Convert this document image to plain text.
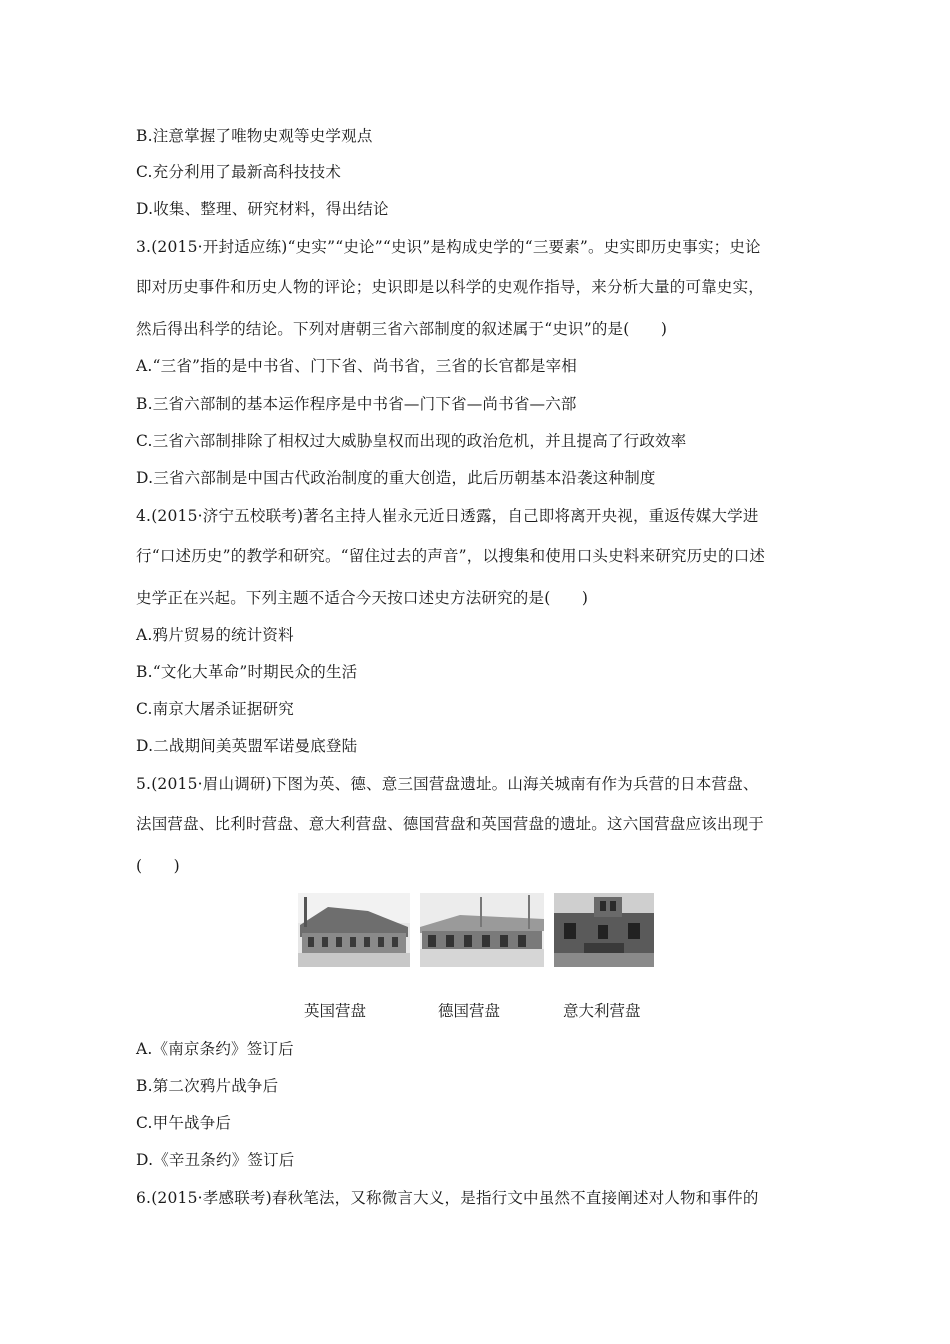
B.注意掌握了唯物史观等史学观点
C.充分利用了最新高科技技术
D.收集、整理、研究材料，得出结论
3.(2015·开封适应练)“史实”“史论”“史识”是构成史学的“三要素”。史实即历史事实；史论
即对历史事件和历史人物的评论；史识即是以科学的史观作指导，来分析大量的可靠史实，
然后得出科学的结论。下列对唐朝三省六部制度的叙述属于“史识”的是(　　)
A.“三省”指的是中书省、门下省、尚书省，三省的长官都是宰相
B.三省六部制的基本运作程序是中书省—门下省—尚书省—六部
C.三省六部制排除了相权过大威胁皇权而出现的政治危机，并且提高了行政效率
D.三省六部制是中国古代政治制度的重大创造，此后历朝基本沿袭这种制度
4.(2015·济宁五校联考)著名主持人崔永元近日透露，自己即将离开央视，重返传媒大学进
行“口述历史”的教学和研究。“留住过去的声音”，以搜集和使用口头史料来研究历史的口述
史学正在兴起。下列主题不适合今天按口述史方法研究的是(　　)
A.鸦片贸易的统计资料
B.“文化大革命”时期民众的生活
C.南京大屠杀证据研究
D.二战期间美英盟军诺曼底登陆
5.(2015·眉山调研)下图为英、德、意三国营盘遗址。山海关城南有作为兵营的日本营盘、
法国营盘、比利时营盘、意大利营盘、德国营盘和英国营盘的遗址。这六国营盘应该出现于
(　　)
英国营盘	德国营盘	意大利营盘
A.《南京条约》签订后
B.第二次鸦片战争后
C.甲午战争后
D.《辛丑条约》签订后
6.(2015·孝感联考)春秋笔法，又称微言大义，是指行文中虽然不直接阐述对人物和事件的
